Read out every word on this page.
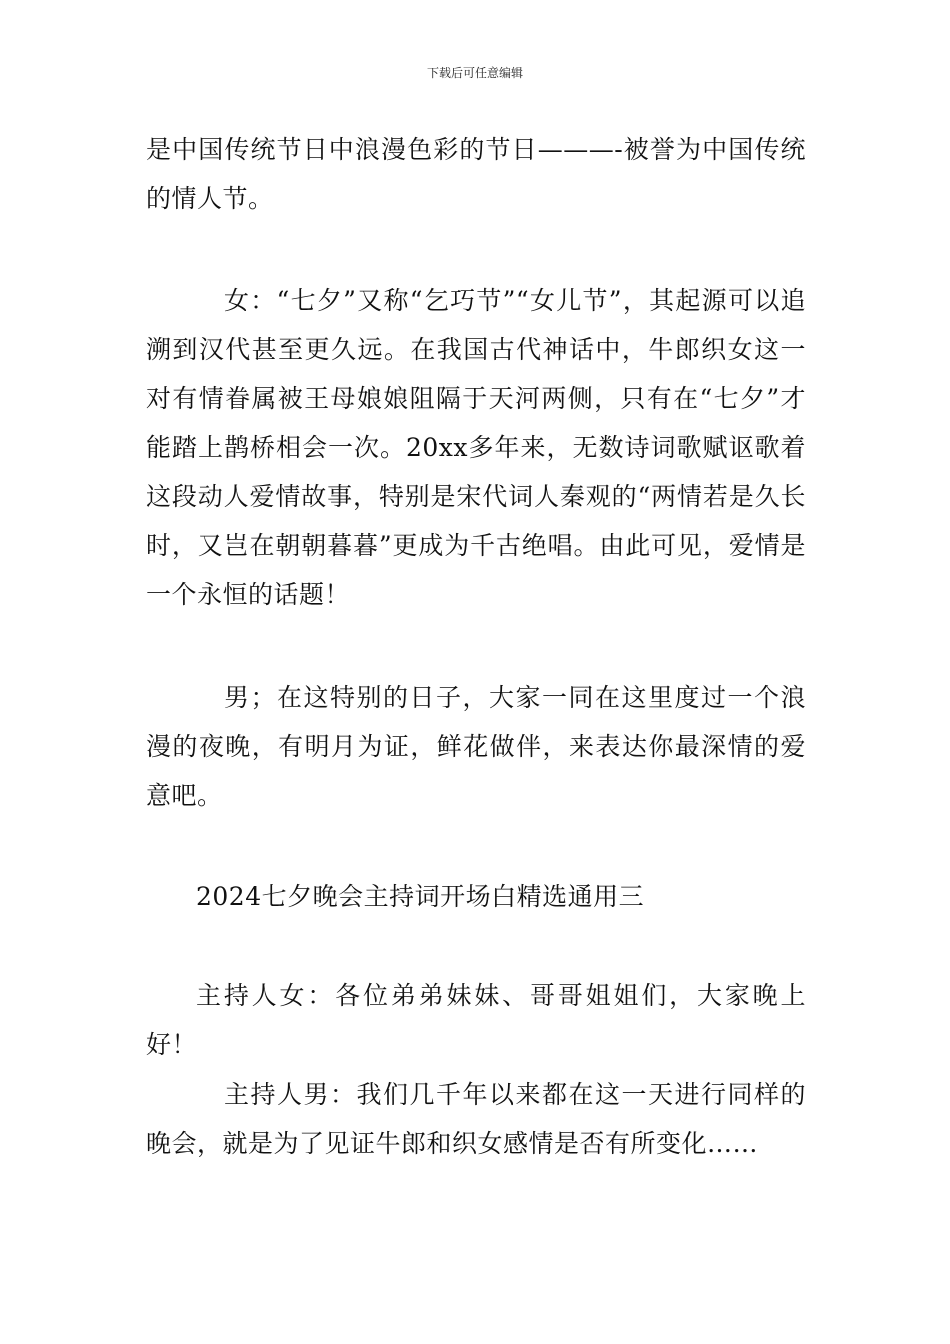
下载后可任意编辑

是中国传统节日中浪漫色彩的节日———-被誉为中国传统的情人节。

女：“七夕”又称“乞巧节”“女儿节”，其起源可以追溯到汉代甚至更久远。在我国古代神话中，牛郎织女这一对有情眷属被王母娘娘阻隔于天河两侧，只有在“七夕”才能踏上鹊桥相会一次。20xx多年来，无数诗词歌赋讴歌着这段动人爱情故事，特别是宋代词人秦观的“两情若是久长时，又岂在朝朝暮暮”更成为千古绝唱。由此可见，爱情是一个永恒的话题！

男；在这特别的日子，大家一同在这里度过一个浪漫的夜晚，有明月为证，鲜花做伴，来表达你最深情的爱意吧。

2024七夕晚会主持词开场白精选通用三

主持人女：各位弟弟妹妹、哥哥姐姐们，大家晚上好！

主持人男：我们几千年以来都在这一天进行同样的晚会，就是为了见证牛郎和织女感情是否有所变化……
